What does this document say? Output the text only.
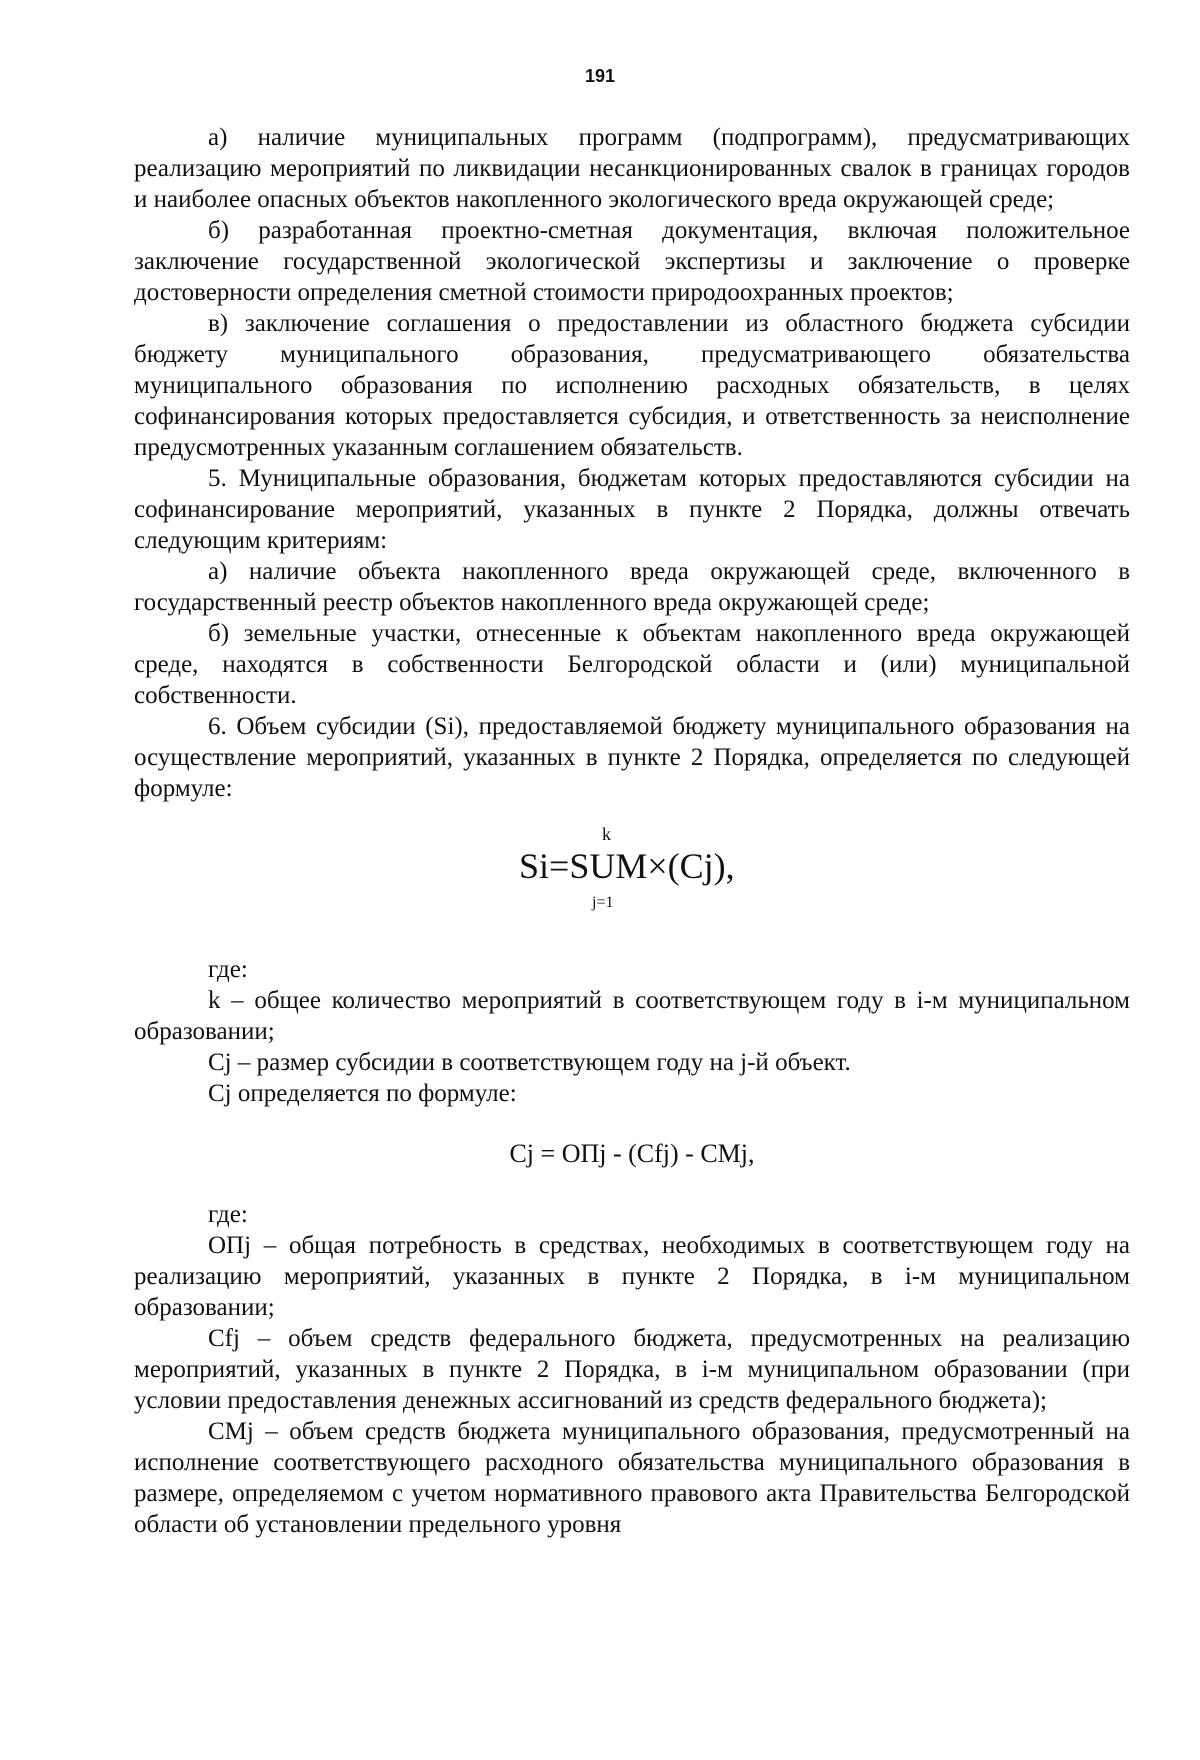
191

а) наличие муниципальных программ (подпрограмм), предусматривающих реализацию мероприятий по ликвидации несанкционированных свалок в границах городов и наиболее опасных объектов накопленного экологического вреда окружающей среде;

б) разработанная проектно-сметная документация, включая положительное заключение государственной экологической экспертизы и заключение о проверке достоверности определения сметной стоимости природоохранных проектов;

в) заключение соглашения о предоставлении из областного бюджета субсидии бюджету муниципального образования, предусматривающего обязательства муниципального образования по исполнению расходных обязательств, в целях софинансирования которых предоставляется субсидия, и ответственность за неисполнение предусмотренных указанным соглашением обязательств.

5. Муниципальные образования, бюджетам которых предоставляются субсидии на софинансирование мероприятий, указанных в пункте 2 Порядка, должны отвечать следующим критериям:

а) наличие объекта накопленного вреда окружающей среде, включенного в государственный реестр объектов накопленного вреда окружающей среде;

б) земельные участки, отнесенные к объектам накопленного вреда окружающей среде, находятся в собственности Белгородской области и (или) муниципальной собственности.

6. Объем субсидии (Si), предоставляемой бюджету муниципального образования на осуществление мероприятий, указанных в пункте 2 Порядка, определяется по следующей формуле:

k
Si=SUM×(Cj),
j=1

где:

k – общее количество мероприятий в соответствующем году в i-м муниципальном образовании;

Cj – размер субсидии в соответствующем году на j-й объект.

Cj определяется по формуле:

Cj = ОПj - (Cfj) - CMj,

где:

ОПj – общая потребность в средствах, необходимых в соответствующем году на реализацию мероприятий, указанных в пункте 2 Порядка, в i-м муниципальном образовании;

Cfj – объем средств федерального бюджета, предусмотренных на реализацию мероприятий, указанных в пункте 2 Порядка, в i-м муниципальном образовании (при условии предоставления денежных ассигнований из средств федерального бюджета);

CMj – объем средств бюджета муниципального образования, предусмотренный на исполнение соответствующего расходного обязательства муниципального образования в размере, определяемом с учетом нормативного правового акта Правительства Белгородской области об установлении предельного уровня
